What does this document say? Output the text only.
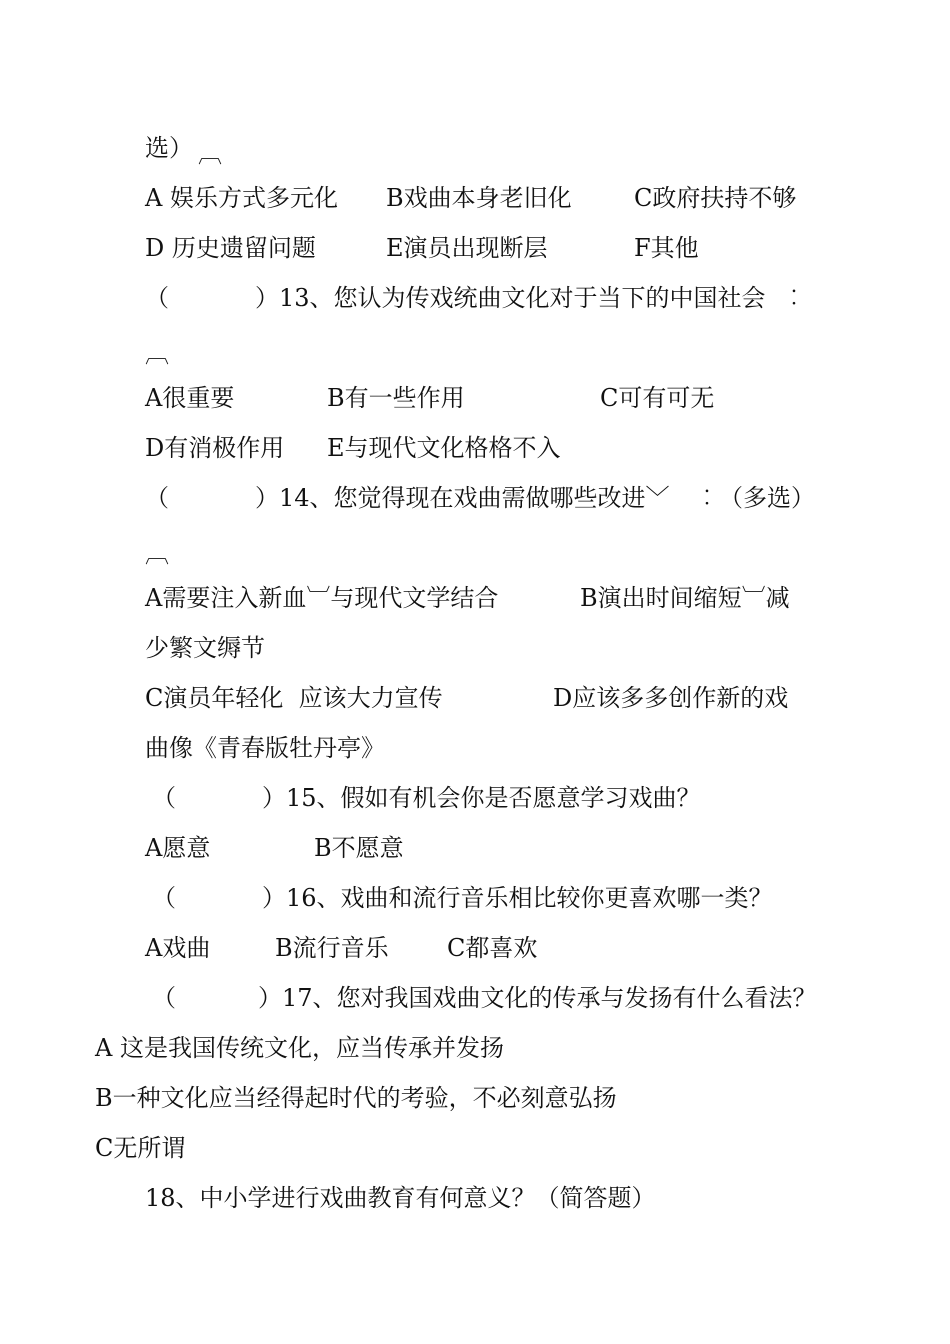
选） ︹
A 娱乐方式多元化 B戏曲本身老旧化	C政府扶持不够
D 历史遗留问题	E演员出现断层	F其他
（	）13、您认为传戏统曲文化对于当下的中国社会 ︰
︹
A很重要	B有一些作用	C可有可无
D有消极作用 E与现代文化格格不入
（	）14、您觉得现在戏曲需做哪些改进﹀ ︰（多选）
︹
A需要注入新血︺与现代文学结合	B演出时间缩短︺减
少繁文缛节
C演员年轻化  应该大力宣传	D应该多多创作新的戏
曲像《青春版牡丹亭》
（	）15、假如有机会你是否愿意学习戏曲？
A愿意	B不愿意
（	）16、戏曲和流行音乐相比较你更喜欢哪一类？
A戏曲	B流行音乐 C都喜欢
（	）17、您对我国戏曲文化的传承与发扬有什么看法？
A 这是我国传统文化，应当传承并发扬
B一种文化应当经得起时代的考验，不必刻意弘扬
C无所谓
18、中小学进行戏曲教育有何意义？（简答题）
